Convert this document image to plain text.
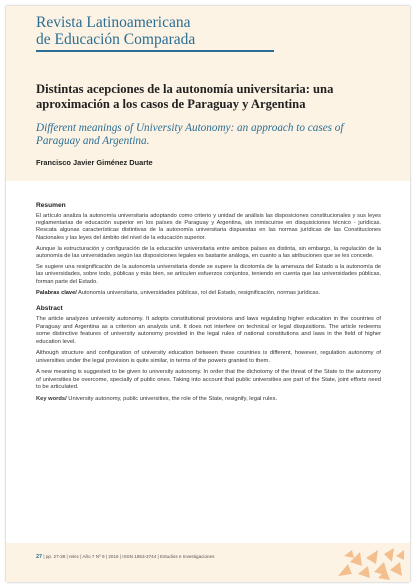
Revista Latinoamericana
de Educación Comparada
Distintas acepciones de la autonomía universitaria: una aproximación a los casos de Paraguay y Argentina
Different meanings of University Autonomy: an approach to cases of Paraguay and Argentina.
Francisco Javier Giménez Duarte
Resumen

El artículo analiza la autonomía universitaria adoptando como criterio y unidad de análisis las disposiciones constitucionales y sus leyes reglamentarias de educación superior en los países de Paraguay y Argentina, sin inmiscuirse en disquisiciones técnico - jurídicas. Rescata algunas características distintivas de la autonomía universitaria dispuestas en las normas jurídicas de las Constituciones Nacionales y las leyes del ámbito del nivel de la educación superior.

Aunque la estructuración y configuración de la educación universitaria entre ambos países es distinta, sin embargo, la regulación de la autonomía de las universidades según las disposiciones legales es bastante análoga, en cuanto a las atribuciones que se les concede.

Se sugiere una resignificación de la autonomía universitaria donde se supere la dicotomía de la amenaza del Estado a la autonomía de las universidades, sobre todo, públicas y más bien, se articulen esfuerzos conjuntos, teniendo en cuenta que las universidades públicas, forman parte del Estado.

Palabras clave/ Autonomía universitaria, universidades públicas, rol del Estado, resignificación, normas jurídicas.

Abstract

The article analyzes university autonomy. It adopts constitutional provisions and laws regulating higher education in the countries of Paraguay and Argentina as a criterion an analysis unit. It does not interfere on technical or legal disquisitions. The article redeems some distinctive features of university autonomy provided in the legal rules of national constitutions and laws in the field of higher education level.

Although structure and configuration of university education between these countries is different, however, regulation autonomy of universities under the legal provision is quite similar, in terms of the powers granted to them.

A new meaning is suggested to be given to university autonomy. In order that the dichotomy of the threat of the State to the autonomy of universities be overcome, specially of public ones. Taking into account that public universities are part of the State, joint efforts need to be articulated.

Key words/ University autonomy, public universities, the role of the State, resignify, legal rules.

27 | pp. 27-38 | relec | Año 7 Nº 9 | 2016 | ISSN 1853-3744 | Estudios e Investigaciones
